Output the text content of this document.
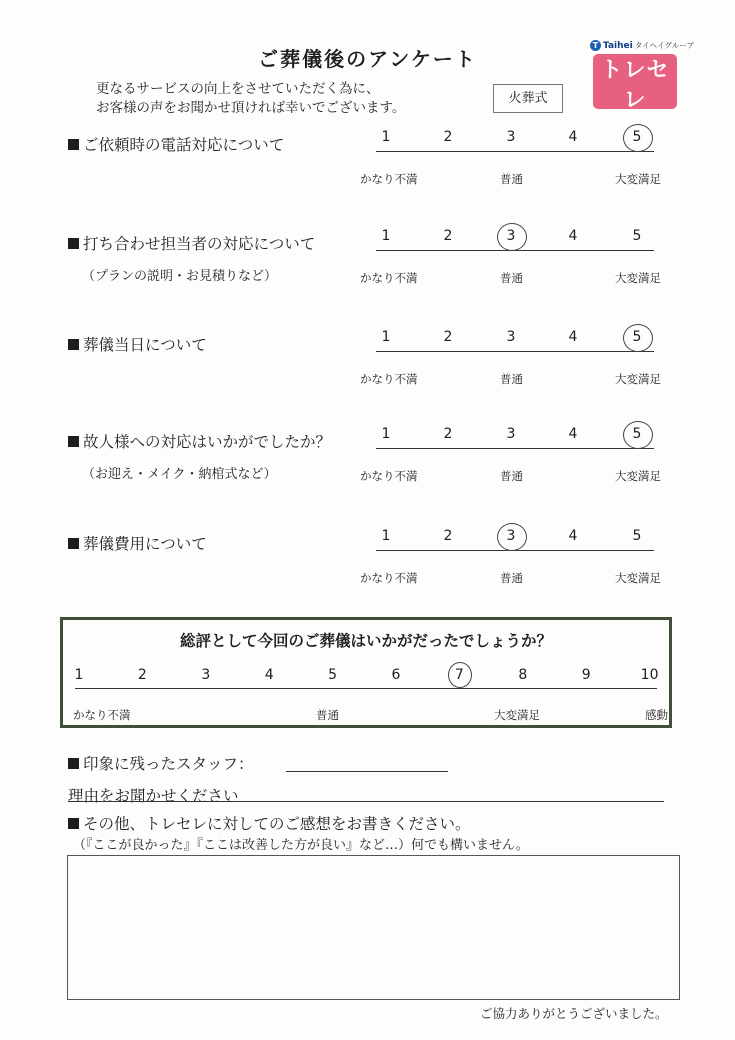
ご葬儀後のアンケート
更なるサービスの向上をさせていただく為に、
お客様の声をお聞かせ頂ければ幸いでございます。
火葬式
T Taihei タイヘイグループ
トレセレ
安心葬儀
ご依頼時の電話対応について	1	2	3	4	5
かなり不満	普通	大変満足
打ち合わせ担当者の対応について
（プランの説明・お見積りなど）
1	2	3	4	5
かなり不満	普通	大変満足
葬儀当日について	1	2	3	4	5
かなり不満	普通	大変満足
故人様への対応はいかがでしたか？
（お迎え・メイク・納棺式など）
1	2	3	4	5
かなり不満	普通	大変満足
葬儀費用について	1	2	3	4	5
かなり不満	普通	大変満足
総評として今回のご葬儀はいかがだったでしょうか？
1	2	3	4	5	6	7	8	9	10
かなり不満	普通	大変満足	感動
印象に残ったスタッフ：
理由をお聞かせください
その他、トレセレに対してのご感想をお書きください。
（『ここが良かった』『ここは改善した方が良い』など…）何でも構いません。
ご協力ありがとうございました。
